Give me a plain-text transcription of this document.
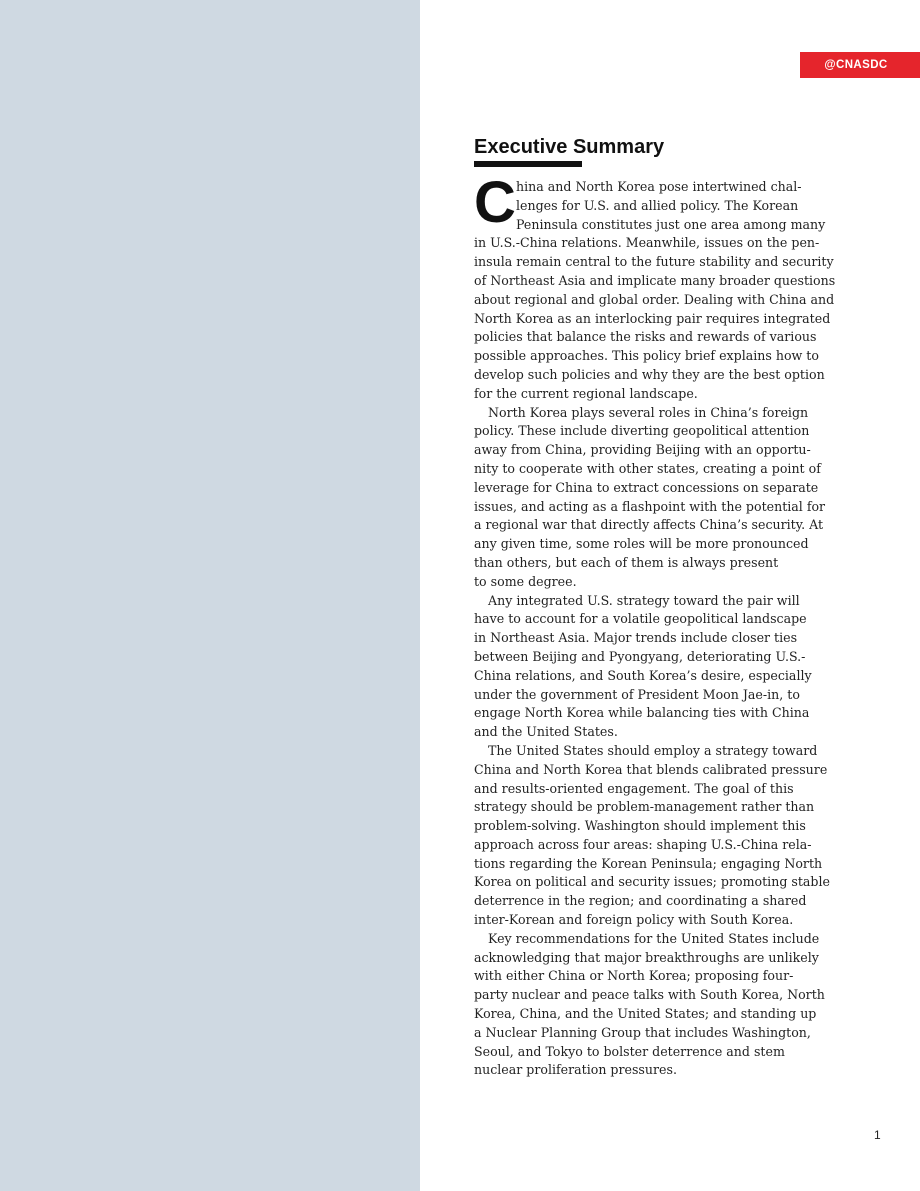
@CNASDC
Executive Summary
C hina and North Korea pose intertwined chal-

lenges for U.S. and allied policy. The Korean

Peninsula constitutes just one area among many

in U.S.-China relations. Meanwhile, issues on the pen-

insula remain central to the future stability and security

of Northeast Asia and implicate many broader questions

about regional and global order. Dealing with China and

North Korea as an interlocking pair requires integrated

policies that balance the risks and rewards of various

possible approaches. This policy brief explains how to

develop such policies and why they are the best option

for the current regional landscape.

North Korea plays several roles in China’s foreign

policy. These include diverting geopolitical attention

away from China, providing Beijing with an opportu-

nity to cooperate with other states, creating a point of

leverage for China to extract concessions on separate

issues, and acting as a flashpoint with the potential for

a regional war that directly affects China’s security. At

any given time, some roles will be more pronounced

than others, but each of them is always present

to some degree.

Any integrated U.S. strategy toward the pair will

have to account for a volatile geopolitical landscape

in Northeast Asia. Major trends include closer ties

between Beijing and Pyongyang, deteriorating U.S.-

China relations, and South Korea’s desire, especially

under the government of President Moon Jae-in, to

engage North Korea while balancing ties with China

and the United States.

The United States should employ a strategy toward

China and North Korea that blends calibrated pressure

and results-oriented engagement. The goal of this

strategy should be problem-management rather than

problem-solving. Washington should implement this

approach across four areas: shaping U.S.-China rela-

tions regarding the Korean Peninsula; engaging North

Korea on political and security issues; promoting stable

deterrence in the region; and coordinating a shared

inter-Korean and foreign policy with South Korea.

Key recommendations for the United States include

acknowledging that major breakthroughs are unlikely

with either China or North Korea; proposing four-

party nuclear and peace talks with South Korea, North

Korea, China, and the United States; and standing up

a Nuclear Planning Group that includes Washington,

Seoul, and Tokyo to bolster deterrence and stem

nuclear proliferation pressures.

1
